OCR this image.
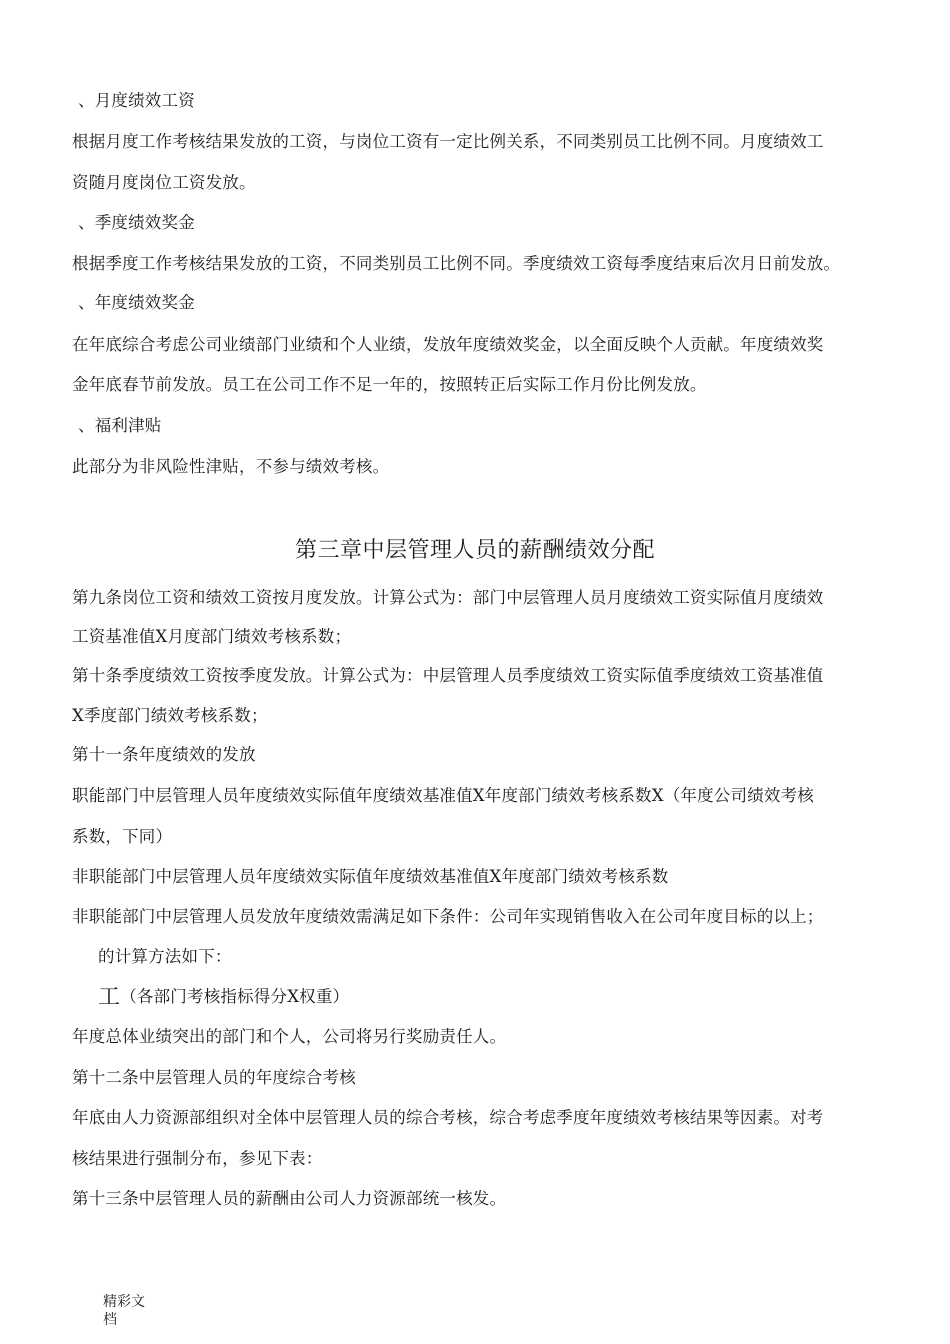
、月度绩效工资
根据月度工作考核结果发放的工资，与岗位工资有一定比例关系，不同类别员工比例不同。月度绩效工
资随月度岗位工资发放。
、季度绩效奖金
根据季度工作考核结果发放的工资，不同类别员工比例不同。季度绩效工资每季度结束后次月日前发放。
、年度绩效奖金
在年底综合考虑公司业绩部门业绩和个人业绩，发放年度绩效奖金，以全面反映个人贡献。年度绩效奖
金年底春节前发放。员工在公司工作不足一年的，按照转正后实际工作月份比例发放。
、福利津贴
此部分为非风险性津贴，不参与绩效考核。
第三章中层管理人员的薪酬绩效分配
第九条岗位工资和绩效工资按月度发放。计算公式为：部门中层管理人员月度绩效工资实际值月度绩效
工资基准值X月度部门绩效考核系数；
第十条季度绩效工资按季度发放。计算公式为：中层管理人员季度绩效工资实际值季度绩效工资基准值
X季度部门绩效考核系数；
第十一条年度绩效的发放
职能部门中层管理人员年度绩效实际值年度绩效基准值X年度部门绩效考核系数X（年度公司绩效考核
系数，下同）
非职能部门中层管理人员年度绩效实际值年度绩效基准值X年度部门绩效考核系数
非职能部门中层管理人员发放年度绩效需满足如下条件：公司年实现销售收入在公司年度目标的以上；
的计算方法如下：
工（各部门考核指标得分X权重）
年度总体业绩突出的部门和个人，公司将另行奖励责任人。
第十二条中层管理人员的年度综合考核
年底由人力资源部组织对全体中层管理人员的综合考核，综合考虑季度年度绩效考核结果等因素。对考
核结果进行强制分布，参见下表：
第十三条中层管理人员的薪酬由公司人力资源部统一核发。
精彩文档
